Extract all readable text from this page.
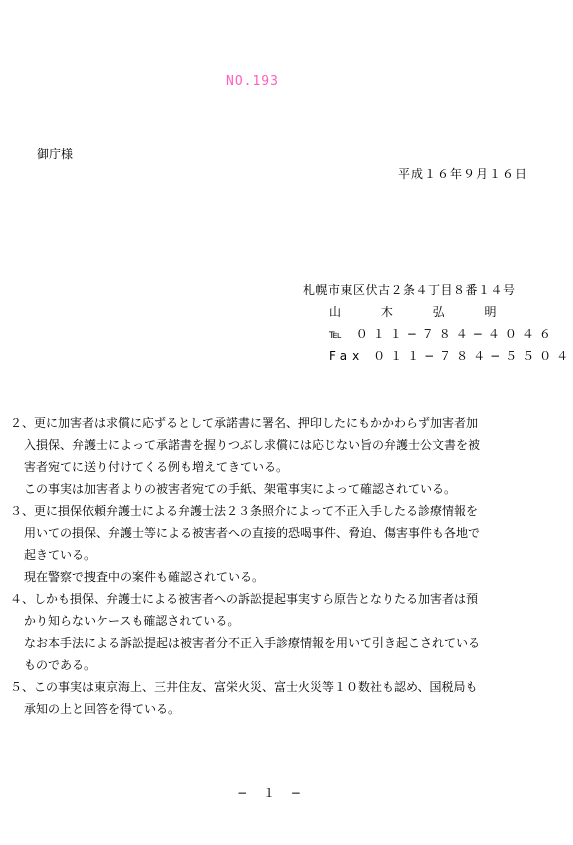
NO.193
御庁様
平成１６年９月１６日
札幌市東区伏古２条４丁目８番１４号
山 木 弘 明
℡ ０１１−７８４−４０４６
Fax ０１１−７８４−５５０４

２、更に加害者は求償に応ずるとして承諾書に署名、押印したにもかかわらず加害者加

入損保、弁護士によって承諾書を握りつぶし求償には応じない旨の弁護士公文書を被

害者宛てに送り付けてくる例も増えてきている。

この事実は加害者よりの被害者宛ての手紙、架電事実によって確認されている。

３、更に損保依頼弁護士による弁護士法２３条照介によって不正入手したる診療情報を

用いての損保、弁護士等による被害者への直接的恐喝事件、脅迫、傷害事件も各地で

起きている。

現在警察で捜査中の案件も確認されている。

４、しかも損保、弁護士による被害者への訴訟提起事実すら原告となりたる加害者は預

かり知らないケースも確認されている。

なお本手法による訴訟提起は被害者分不正入手診療情報を用いて引き起こされている

ものである。

５、この事実は東京海上、三井住友、富栄火災、富士火災等１０数社も認め、国税局も

承知の上と回答を得ている。

− １ −
